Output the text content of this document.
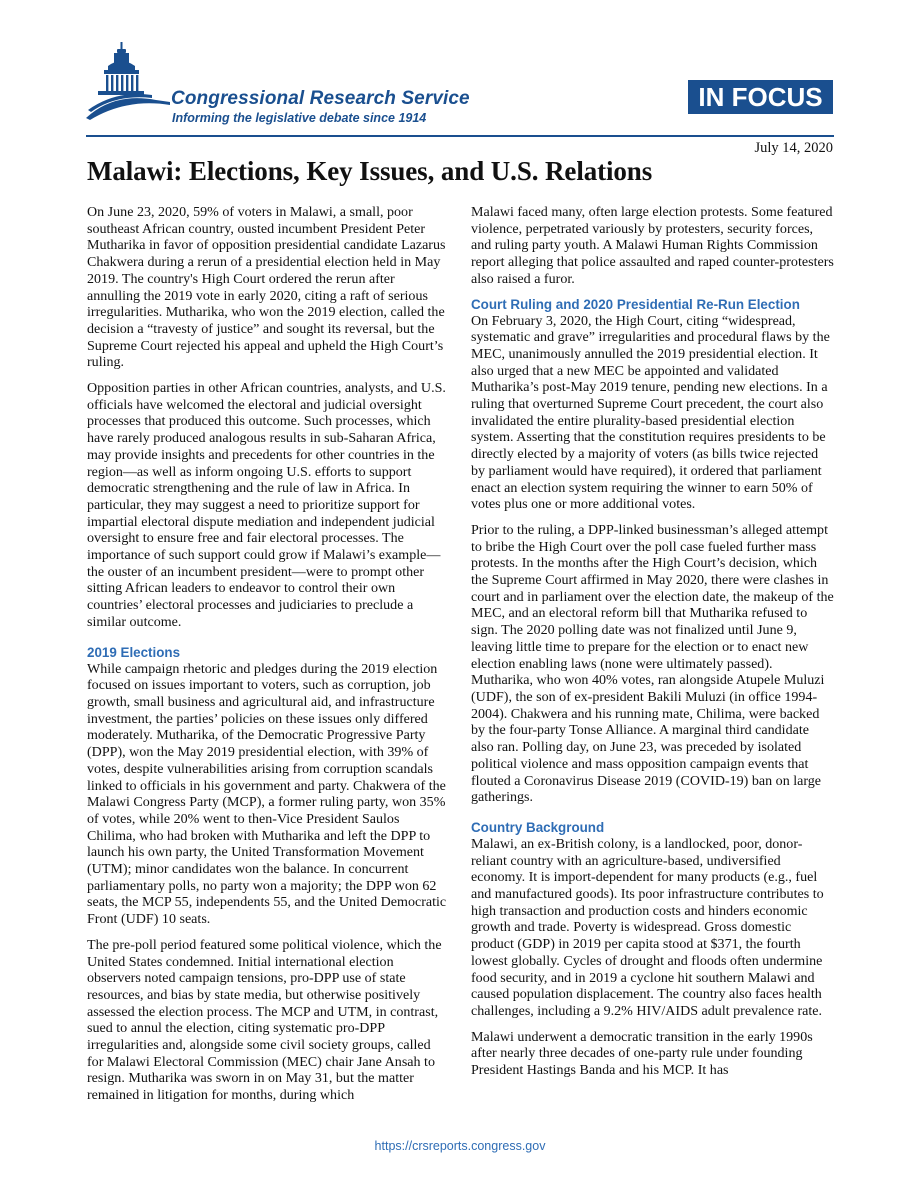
Congressional Research Service
Informing the legislative debate since 1914
IN FOCUS
July 14, 2020
Malawi: Elections, Key Issues, and U.S. Relations

On June 23, 2020, 59% of voters in Malawi, a small, poor southeast African country, ousted incumbent President Peter Mutharika in favor of opposition presidential candidate Lazarus Chakwera during a rerun of a presidential election held in May 2019. The country's High Court ordered the rerun after annulling the 2019 vote in early 2020, citing a raft of serious irregularities. Mutharika, who won the 2019 election, called the decision a “travesty of justice” and sought its reversal, but the Supreme Court rejected his appeal and upheld the High Court’s ruling.

Opposition parties in other African countries, analysts, and U.S. officials have welcomed the electoral and judicial oversight processes that produced this outcome. Such processes, which have rarely produced analogous results in sub-Saharan Africa, may provide insights and precedents for other countries in the region—as well as inform ongoing U.S. efforts to support democratic strengthening and the rule of law in Africa. In particular, they may suggest a need to prioritize support for impartial electoral dispute mediation and independent judicial oversight to ensure free and fair electoral processes. The importance of such support could grow if Malawi’s example—the ouster of an incumbent president—were to prompt other sitting African leaders to endeavor to control their own countries’ electoral processes and judiciaries to preclude a similar outcome.

2019 Elections

While campaign rhetoric and pledges during the 2019 election focused on issues important to voters, such as corruption, job growth, small business and agricultural aid, and infrastructure investment, the parties’ policies on these issues only differed moderately. Mutharika, of the Democratic Progressive Party (DPP), won the May 2019 presidential election, with 39% of votes, despite vulnerabilities arising from corruption scandals linked to officials in his government and party. Chakwera of the Malawi Congress Party (MCP), a former ruling party, won 35% of votes, while 20% went to then-Vice President Saulos Chilima, who had broken with Mutharika and left the DPP to launch his own party, the United Transformation Movement (UTM); minor candidates won the balance. In concurrent parliamentary polls, no party won a majority; the DPP won 62 seats, the MCP 55, independents 55, and the United Democratic Front (UDF) 10 seats.

The pre-poll period featured some political violence, which the United States condemned. Initial international election observers noted campaign tensions, pro-DPP use of state resources, and bias by state media, but otherwise positively assessed the election process. The MCP and UTM, in contrast, sued to annul the election, citing systematic pro-DPP irregularities and, alongside some civil society groups, called for Malawi Electoral Commission (MEC) chair Jane Ansah to resign. Mutharika was sworn in on May 31, but the matter remained in litigation for months, during which

Malawi faced many, often large election protests. Some featured violence, perpetrated variously by protesters, security forces, and ruling party youth. A Malawi Human Rights Commission report alleging that police assaulted and raped counter-protesters also raised a furor.

Court Ruling and 2020 Presidential Re-Run Election

On February 3, 2020, the High Court, citing “widespread, systematic and grave” irregularities and procedural flaws by the MEC, unanimously annulled the 2019 presidential election. It also urged that a new MEC be appointed and validated Mutharika’s post-May 2019 tenure, pending new elections. In a ruling that overturned Supreme Court precedent, the court also invalidated the entire plurality-based presidential election system. Asserting that the constitution requires presidents to be directly elected by a majority of voters (as bills twice rejected by parliament would have required), it ordered that parliament enact an election system requiring the winner to earn 50% of votes plus one or more additional votes.

Prior to the ruling, a DPP-linked businessman’s alleged attempt to bribe the High Court over the poll case fueled further mass protests. In the months after the High Court’s decision, which the Supreme Court affirmed in May 2020, there were clashes in court and in parliament over the election date, the makeup of the MEC, and an electoral reform bill that Mutharika refused to sign. The 2020 polling date was not finalized until June 9, leaving little time to prepare for the election or to enact new election enabling laws (none were ultimately passed). Mutharika, who won 40% votes, ran alongside Atupele Muluzi (UDF), the son of ex-president Bakili Muluzi (in office 1994-2004). Chakwera and his running mate, Chilima, were backed by the four-party Tonse Alliance. A marginal third candidate also ran. Polling day, on June 23, was preceded by isolated political violence and mass opposition campaign events that flouted a Coronavirus Disease 2019 (COVID-19) ban on large gatherings.

Country Background

Malawi, an ex-British colony, is a landlocked, poor, donor-reliant country with an agriculture-based, undiversified economy. It is import-dependent for many products (e.g., fuel and manufactured goods). Its poor infrastructure contributes to high transaction and production costs and hinders economic growth and trade. Poverty is widespread. Gross domestic product (GDP) in 2019 per capita stood at $371, the fourth lowest globally. Cycles of drought and floods often undermine food security, and in 2019 a cyclone hit southern Malawi and caused population displacement. The country also faces health challenges, including a 9.2% HIV/AIDS adult prevalence rate.

Malawi underwent a democratic transition in the early 1990s after nearly three decades of one-party rule under founding President Hastings Banda and his MCP. It has

https://crsreports.congress.gov
